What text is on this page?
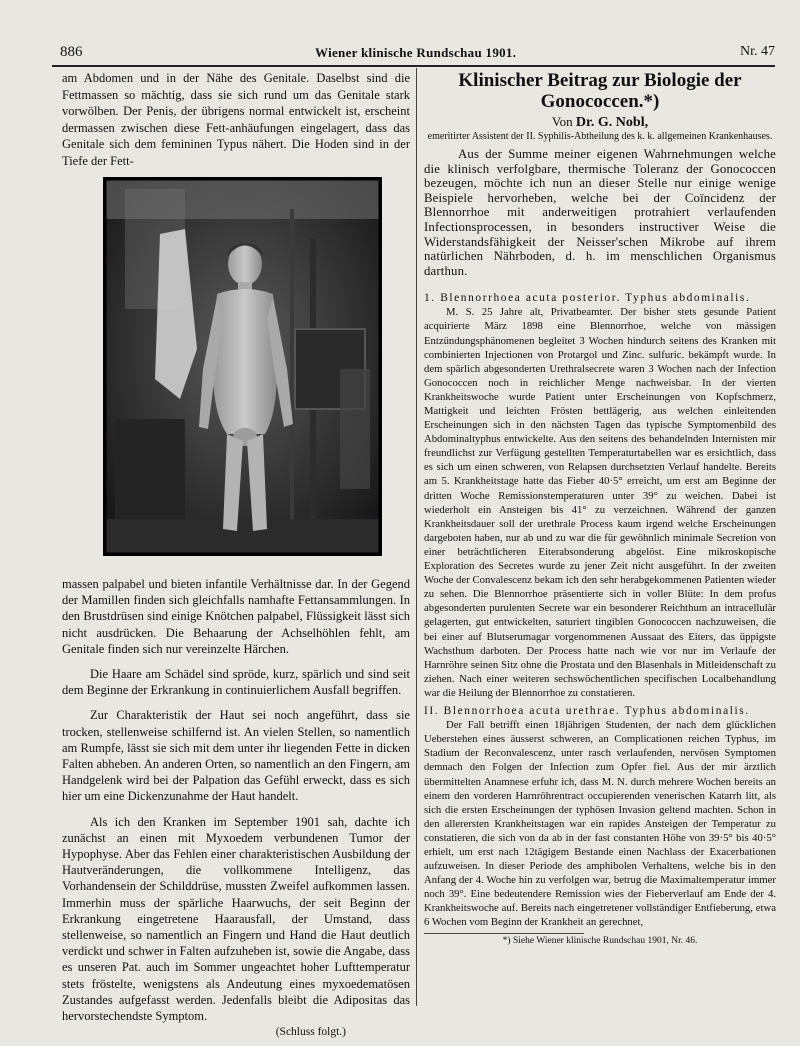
886	Wiener klinische Rundschau 1901.	Nr. 47

am Abdomen und in der Nähe des Genitale. Daselbst sind die Fettmassen so mächtig, dass sie sich rund um das Genitale stark vorwölben. Der Penis, der übrigens normal entwickelt ist, erscheint dermassen zwischen diese Fett-anhäufungen eingelagert, dass das Genitale sich dem femininen Typus nähert. Die Hoden sind in der Tiefe der Fett-

massen palpabel und bieten infantile Verhältnisse dar. In der Gegend der Mamillen finden sich gleichfalls namhafte Fettansammlungen. In den Brustdrüsen sind einige Knötchen palpabel, Flüssigkeit lässt sich nicht ausdrücken. Die Behaarung der Achselhöhlen fehlt, am Genitale finden sich nur vereinzelte Härchen.

Die Haare am Schädel sind spröde, kurz, spärlich und sind seit dem Beginne der Erkrankung in continuierlichem Ausfall begriffen.

Zur Charakteristik der Haut sei noch angeführt, dass sie trocken, stellenweise schilfernd ist. An vielen Stellen, so namentlich am Rumpfe, lässt sie sich mit dem unter ihr liegenden Fette in dicken Falten abheben. An anderen Orten, so namentlich an den Fingern, am Handgelenk wird bei der Palpation das Gefühl erweckt, dass es sich hier um eine Dickenzunahme der Haut handelt.

Als ich den Kranken im September 1901 sah, dachte ich zunächst an einen mit Myxoedem verbundenen Tumor der Hypophyse. Aber das Fehlen einer charakteristischen Ausbildung der Hautveränderungen, die vollkommene Intelligenz, das Vorhandensein der Schilddrüse, mussten Zweifel aufkommen lassen. Immerhin muss der spärliche Haarwuchs, der seit Beginn der Erkrankung eingetretene Haarausfall, der Umstand, dass stellenweise, so namentlich an Fingern und Hand die Haut deutlich verdickt und schwer in Falten aufzuheben ist, sowie die Angabe, dass es unseren Pat. auch im Sommer ungeachtet hoher Lufttemperatur stets fröstelte, wenigstens als Andeutung eines myxoedematösen Zustandes aufgefasst werden. Jedenfalls bleibt die Adipositas das hervorstechendste Symptom.

(Schluss folgt.)

Klinischer Beitrag zur Biologie der Gonococcen.*)
Von Dr. G. Nobl,
emeritirter Assistent der II. Syphilis-Abtheilung des k. k. allgemeinen Krankenhauses.

Aus der Summe meiner eigenen Wahrnehmungen welche die klinisch verfolgbare, thermische Toleranz der Gonococcen bezeugen, möchte ich nun an dieser Stelle nur einige wenige Beispiele hervorheben, welche bei der Coïncidenz der Blennorrhoe mit anderweitigen protrahiert verlaufenden Infectionsprocessen, in besonders instructiver Weise die Widerstandsfähigkeit der Neisser'schen Mikrobe auf ihrem natürlichen Nährboden, d. h. im menschlichen Organismus darthun.

1. Blennorrhoea acuta posterior. Typhus abdominalis.

M. S. 25 Jahre alt, Privatbeamter. Der bisher stets gesunde Patient acquirierte März 1898 eine Blennorrhoe, welche von mässigen Entzündungsphänomenen begleitet 3 Wochen hindurch seitens des Kranken mit combinierten Injectionen von Protargol und Zinc. sulfuric. bekämpft wurde. In dem spärlich abgesonderten Urethralsecrete waren 3 Wochen nach der Infection Gonococcen noch in reichlicher Menge nachweisbar. In der vierten Krankheitswoche wurde Patient unter Erscheinungen von Kopfschmerz, Mattigkeit und leichten Frösten bettlägerig, aus welchen einleitenden Erscheinungen sich in den nächsten Tagen das typische Symptomenbild des Abdominaltyphus entwickelte. Aus den seitens des behandelnden Internisten mir freundlichst zur Verfügung gestellten Temperaturtabellen war es ersichtlich, dass es sich um einen schweren, von Relapsen durchsetzten Verlauf handelte. Bereits am 5. Krankheitstage hatte das Fieber 40·5° erreicht, um erst am Beginne der dritten Woche Remissionstemperaturen unter 39° zu weichen. Dabei ist wiederholt ein Ansteigen bis 41° zu verzeichnen. Während der ganzen Krankheitsdauer soll der urethrale Process kaum irgend welche Erscheinungen dargeboten haben, nur ab und zu war die für gewöhnlich minimale Secretion von einer beträchtlicheren Eiterabsonderung abgelöst. Eine mikroskopische Exploration des Secretes wurde zu jener Zeit nicht ausgeführt. In der zweiten Woche der Convalescenz bekam ich den sehr herabgekommenen Patienten wieder zu sehen. Die Blennorrhoe präsentierte sich in voller Blüte: In dem profus abgesonderten purulenten Secrete war ein besonderer Reichthum an intracellulär gelagerten, gut entwickelten, saturiert tingiblen Gonococcen nachzuweisen, die bei einer auf Blutserumagar vorgenommenen Aussaat des Eiters, das üppigste Wachsthum darboten. Der Process hatte nach wie vor nur im Verlaufe der Harnröhre seinen Sitz ohne die Prostata und den Blasenhals in Mitleidenschaft zu ziehen. Nach einer weiteren sechswöchentlichen specifischen Localbehandlung war die Heilung der Blennorrhoe zu constatieren.

II. Blennorrhoea acuta urethrae. Typhus abdominalis.

Der Fall betrifft einen 18jährigen Studenten, der nach dem glücklichen Ueberstehen eines äusserst schweren, an Complicationen reichen Typhus, im Stadium der Reconvalescenz, unter rasch verlaufenden, nervösen Symptomen demnach den Folgen der Infection zum Opfer fiel. Aus der mir ärztlich übermittelten Anamnese erfuhr ich, dass M. N. durch mehrere Wochen bereits an einem den vorderen Harnröhrentract occupierenden venerischen Katarrh litt, als sich die ersten Erscheinungen der typhösen Invasion geltend machten. Schon in den allerersten Krankheitstagen war ein rapides Ansteigen der Temperatur zu constatieren, die sich von da ab in der fast constanten Höhe von 39·5° bis 40·5° erhielt, um erst nach 12tägigem Bestande einen Nachlass der Exacerbationen aufzuweisen. In dieser Periode des amphibolen Verhaltens, welche bis in den Anfang der 4. Woche hin zu verfolgen war, betrug die Maximaltemperatur immer noch 39°. Eine bedeutendere Remission wies der Fieberverlauf am Ende der 4. Krankheitswoche auf. Bereits nach eingetretener vollständiger Entfieberung, etwa 6 Wochen vom Beginn der Krankheit an gerechnet,

*) Siehe Wiener klinische Rundschau 1901, Nr. 46.
